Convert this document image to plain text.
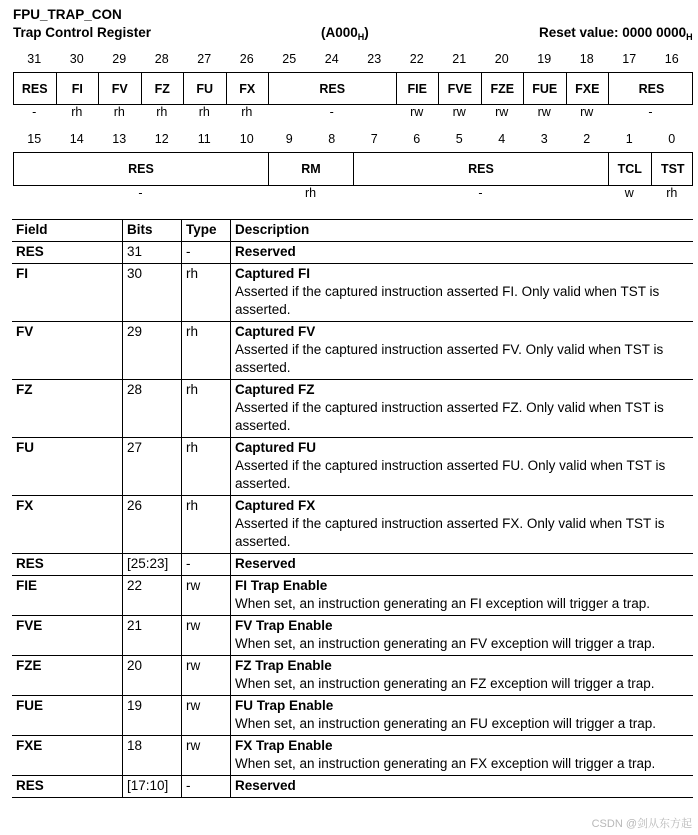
FPU_TRAP_CON
Trap Control Register	$(A000_H)$	Reset value: 0000 $0000_H$
31	30	29	28	27	26	25	24	23	22	21	20	19	18	17	16
RES	FI	FV	FZ	FU	FX	RES	FIE	FVE	FZE	FUE	FXE	RES
-	rh	rh	rh	rh	rh	-	rw	rw	rw	rw	rw	-
15	14	13	12	11	10	9	8	7	6	5	4	3	2	1	0
RES	RM	RES	TCL	TST
-	rh	-	w	rh
Field	Bits	Type	Description
RES	31	-	Reserved

FI	30	rh	Captured FI
Asserted if the captured instruction asserted FI. Only valid when TST is asserted.
FV	29	rh	Captured FV
Asserted if the captured instruction asserted FV. Only valid when TST is asserted.
FZ	28	rh	Captured FZ
Asserted if the captured instruction asserted FZ. Only valid when TST is asserted.
FU	27	rh	Captured FU
Asserted if the captured instruction asserted FU. Only valid when TST is asserted.
FX	26	rh	Captured FX
Asserted if the captured instruction asserted FX. Only valid when TST is asserted.
RES	[25:23]	-	Reserved

FIE	22	rw	FI Trap Enable
When set, an instruction generating an FI exception will trigger a trap.
FVE	21	rw	FV Trap Enable
When set, an instruction generating an FV exception will trigger a trap.
FZE	20	rw	FZ Trap Enable
When set, an instruction generating an FZ exception will trigger a trap.
FUE	19	rw	FU Trap Enable
When set, an instruction generating an FU exception will trigger a trap.
FXE	18	rw	FX Trap Enable
When set, an instruction generating an FX exception will trigger a trap.
RES	[17:10]	-	Reserved
CSDN @剑从东方起
